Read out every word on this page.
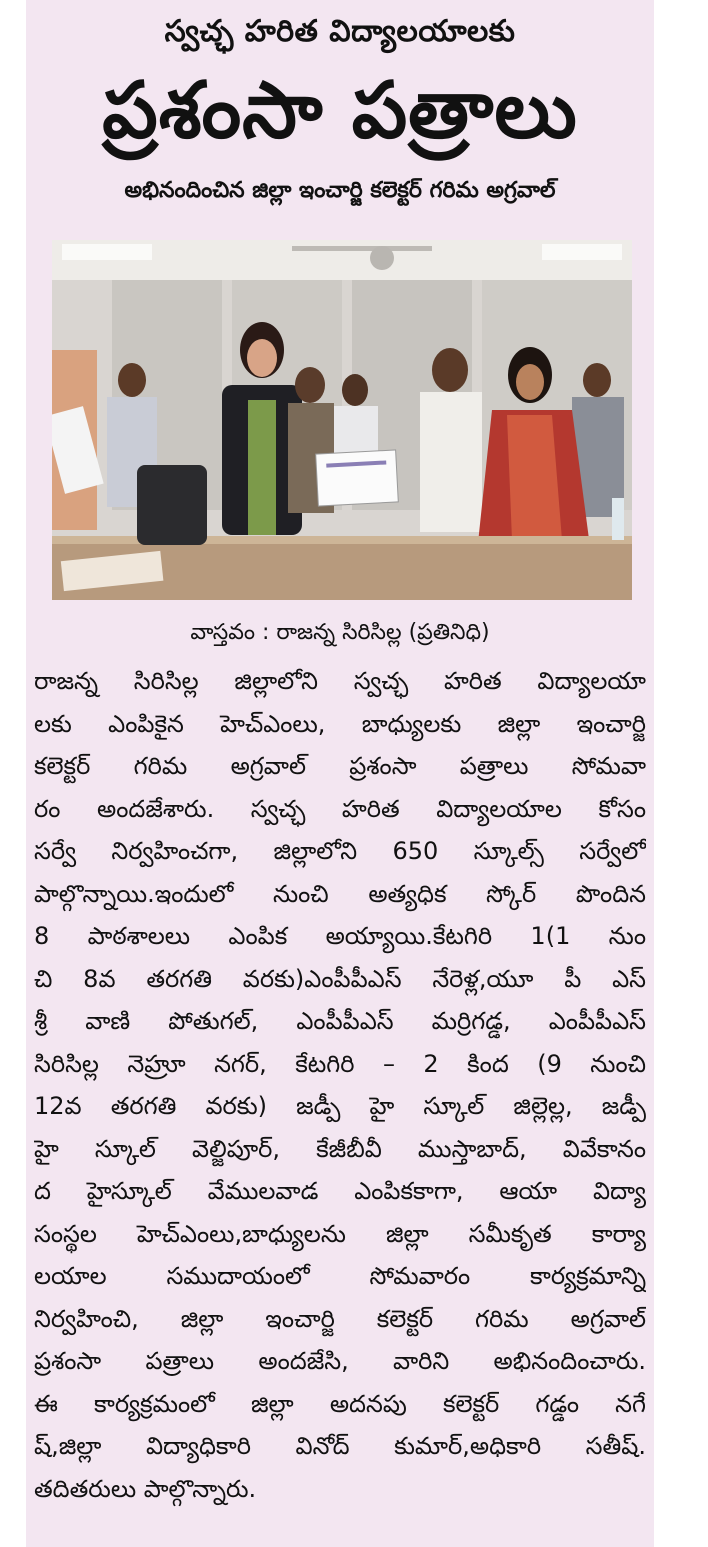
స్వచ్ఛ హరిత విద్యాలయాలకు
ప్రశంసా పత్రాలు
అభినందించిన జిల్లా ఇంచార్జి కలెక్టర్ గరిమ అగ్రవాల్
వాస్తవం : రాజన్న సిరిసిల్ల (ప్రతినిధి)
రాజన్న సిరిసిల్ల జిల్లాలోని స్వచ్ఛ హరిత విద్యాలయా
లకు ఎంపికైన హెచ్ఎంలు, బాధ్యులకు జిల్లా ఇంచార్జి
కలెక్టర్ గరిమ అగ్రవాల్ ప్రశంసా పత్రాలు సోమవా
రం అందజేశారు. స్వచ్ఛ హరిత విద్యాలయాల కోసం
సర్వే నిర్వహించగా, జిల్లాలోని 650 స్కూల్స్ సర్వేలో
పాల్గొన్నాయి.ఇందులో నుంచి అత్యధిక స్కోర్ పొందిన
8 పాఠశాలలు ఎంపిక అయ్యాయి.కేటగిరి 1(1 నుం
చి 8వ తరగతి వరకు)ఎంపీపీఎస్ నేరెళ్ల,యూ పీ ఎస్
శ్రీ వాణి పోతుగల్, ఎంపీపీఎస్ మర్రిగడ్డ, ఎంపీపీఎస్
సిరిసిల్ల నెహ్రూ నగర్, కేటగిరి – 2 కింద (9 నుంచి
12వ తరగతి వరకు) జడ్పీ హై స్కూల్ జిల్లెల్ల, జడ్పీ
హై స్కూల్ వెల్జిపూర్, కేజీబీవీ ముస్తాబాద్, వివేకానం
ద హైస్కూల్ వేములవాడ ఎంపికకాగా, ఆయా విద్యా
సంస్థల హెచ్ఎంలు,బాధ్యులను జిల్లా సమీకృత కార్యా
లయాల సముదాయంలో సోమవారం కార్యక్రమాన్ని
నిర్వహించి, జిల్లా ఇంచార్జి కలెక్టర్ గరిమ అగ్రవాల్
ప్రశంసా పత్రాలు అందజేసి, వారిని అభినందించారు.
ఈ కార్యక్రమంలో జిల్లా అదనపు కలెక్టర్ గడ్డం నగే
ష్,జిల్లా విద్యాధికారి వినోద్ కుమార్,అధికారి సతీష్.
తదితరులు పాల్గొన్నారు.
